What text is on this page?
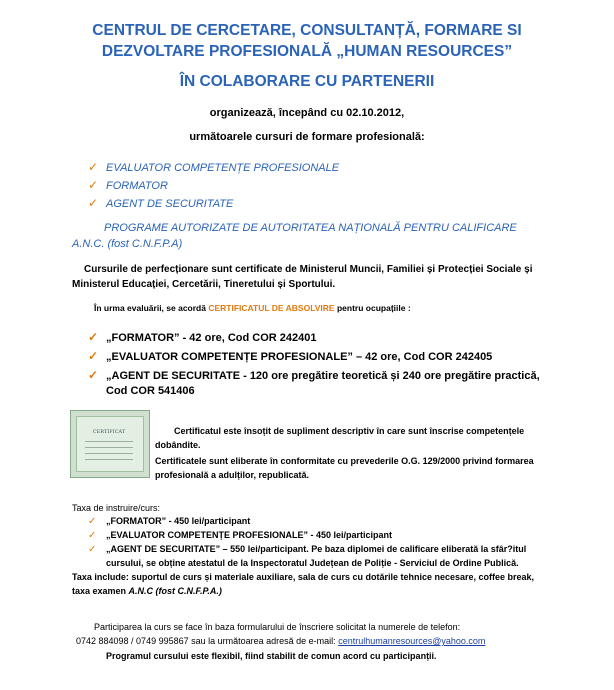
CENTRUL DE CERCETARE, CONSULTANȚĂ, FORMARE SI
DEZVOLTARE PROFESIONALĂ „HUMAN RESOURCES”
ÎN COLABORARE CU PARTENERII
organizează, începând cu 02.10.2012,
următoarele cursuri de formare profesională:
✓ EVALUATOR COMPETENȚE PROFESIONALE
✓ FORMATOR
✓ AGENT DE SECURITATE
PROGRAME AUTORIZATE DE AUTORITATEA NAȚIONALĂ PENTRU CALIFICARE
A.N.C. (fost C.N.F.P.A)
Cursurile de perfecționare sunt certificate de Ministerul Muncii, Familiei și Protecției Sociale și
Ministerul Educației, Cercetării, Tineretului și Sportului.
În urma evaluării, se acordă CERTIFICATUL DE ABSOLVIRE pentru ocupațiile :
✓ „FORMATOR” - 42 ore, Cod COR 242401
✓ „EVALUATOR COMPETENȚE PROFESIONALE” – 42 ore, Cod COR 242405
✓ „AGENT DE SECURITATE - 120 ore pregătire teoretică și 240 ore pregătire practică,
Cod COR 541406
CERTIFICAT	Certificatul este însoțit de supliment descriptiv în care sunt înscrise competențele
dobândite.
Certificatele sunt eliberate în conformitate cu prevederile O.G. 129/2000 privind formarea
profesională a adulților, republicată.
Taxa de instruire/curs:
✓ „FORMATOR” - 450 lei/participant
✓ „EVALUATOR COMPETENȚE PROFESIONALE” - 450 lei/participant
✓ „AGENT DE SECURITATE” – 550 lei/participant. Pe baza diplomei de calificare eliberată la sfâr?itul
cursului, se obține atestatul de la Inspectoratul Județean de Poliție - Serviciul de Ordine Publică.
Taxa include: suportul de curs și materiale auxiliare, sala de curs cu dotările tehnice necesare, coffee break,
taxa examen A.N.C (fost C.N.F.P.A.)
Participarea la curs se face în baza formularului de înscriere solicitat la numerele de telefon:
0742 884098 / 0749 995867 sau la următoarea adresă de e-mail: centrulhumanresources@yahoo.com
Programul cursului este flexibil, fiind stabilit de comun acord cu participanții.
